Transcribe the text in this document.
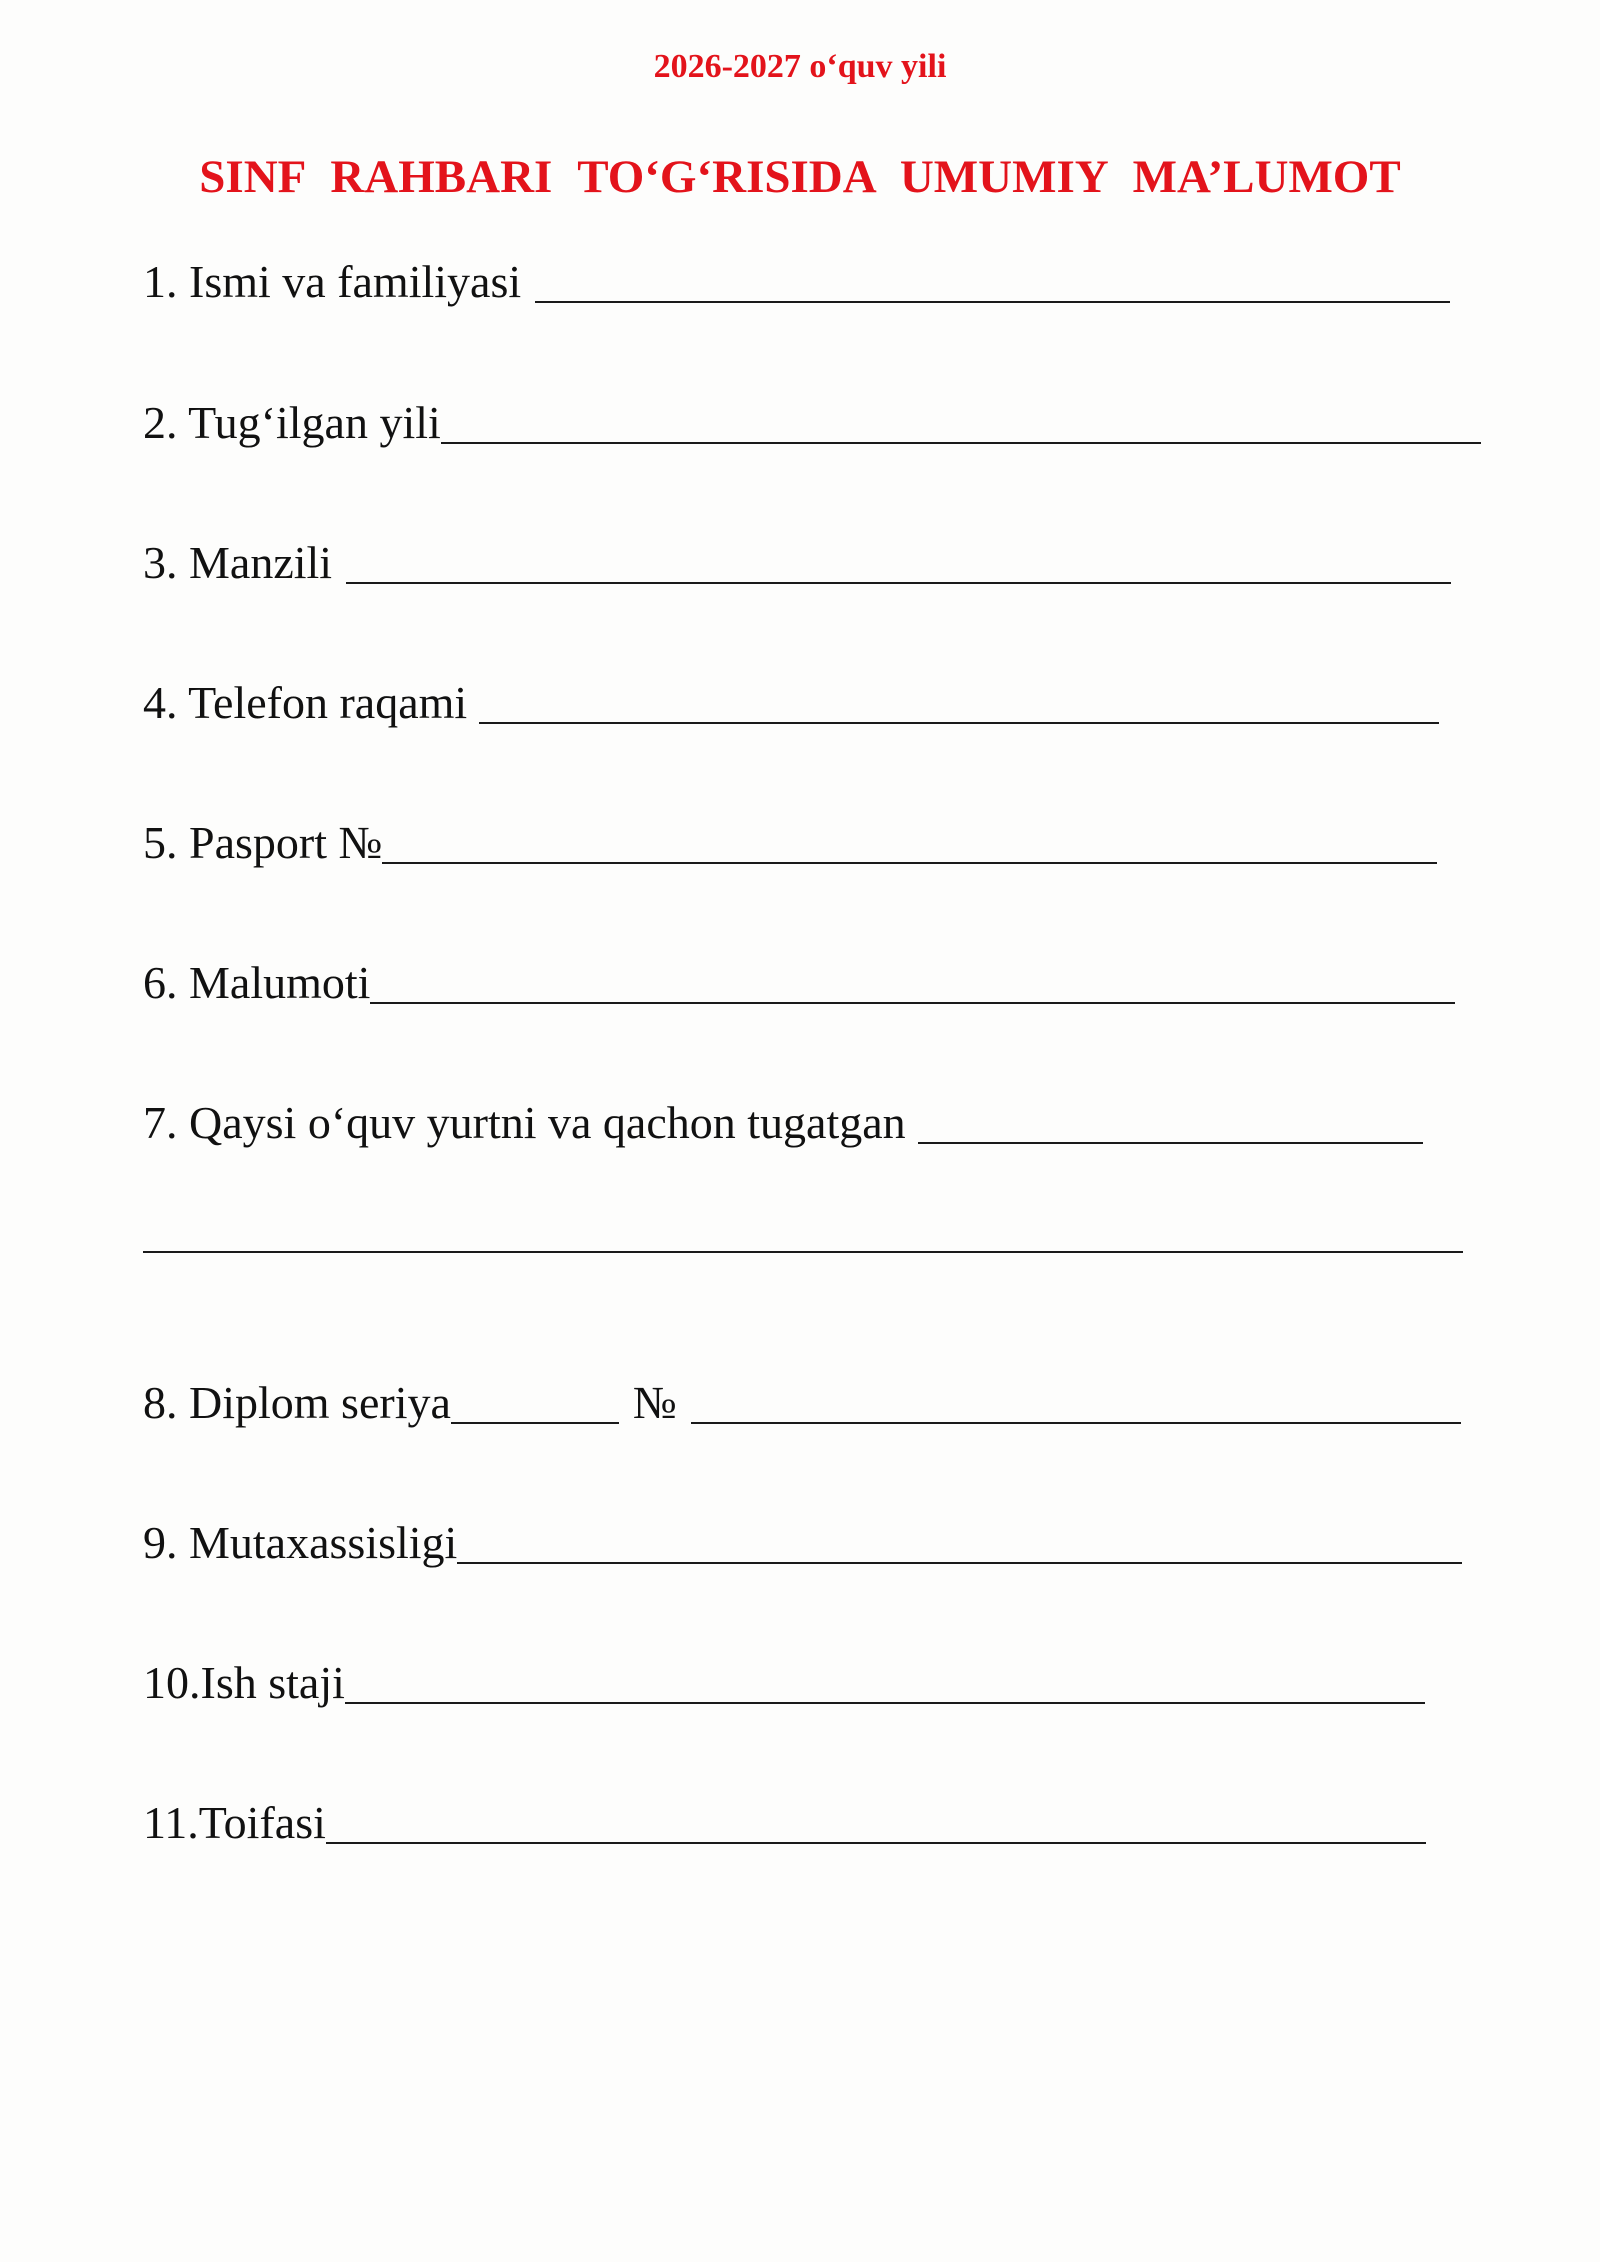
2026-2027 o‘quv yili
SINF RAHBARI TO‘G‘RISIDA UMUMIY MA’LUMOT
1. Ismi va familiyasi
2. Tug‘ilgan yili
3. Manzili
4. Telefon raqami
5. Pasport №
6. Malumoti
7. Qaysi o‘quv yurtni va qachon tugatgan
8. Diplom seriya	№
9. Mutaxassisligi
10.Ish staji
11.Toifasi
